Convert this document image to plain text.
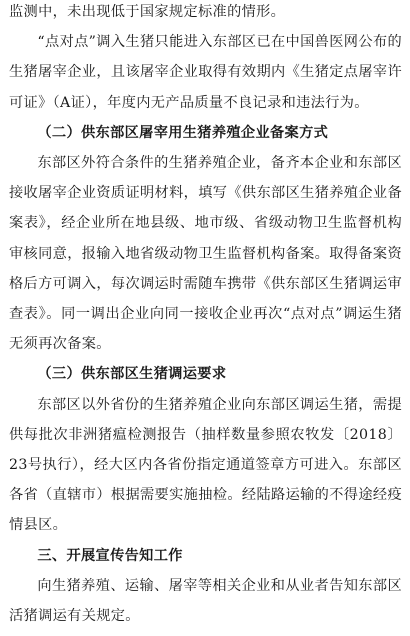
监测中，未出现低于国家规定标准的情形。

“点对点”调入生猪只能进入东部区已在中国兽医网公布的生猪屠宰企业，且该屠宰企业取得有效期内《生猪定点屠宰许可证》（A证），年度内无产品质量不良记录和违法行为。

（二）供东部区屠宰用生猪养殖企业备案方式

东部区外符合条件的生猪养殖企业，备齐本企业和东部区接收屠宰企业资质证明材料，填写《供东部区生猪养殖企业备案表》，经企业所在地县级、地市级、省级动物卫生监督机构审核同意，报输入地省级动物卫生监督机构备案。取得备案资格后方可调入，每次调运时需随车携带《供东部区生猪调运审查表》。同一调出企业向同一接收企业再次“点对点”调运生猪无须再次备案。

（三）供东部区生猪调运要求

东部区以外省份的生猪养殖企业向东部区调运生猪，需提供每批次非洲猪瘟检测报告（抽样数量参照农牧发〔2018〕23号执行），经大区内各省份指定通道签章方可进入。东部区各省（直辖市）根据需要实施抽检。经陆路运输的不得途经疫情县区。

三、开展宣传告知工作

向生猪养殖、运输、屠宰等相关企业和从业者告知东部区活猪调运有关规定。
